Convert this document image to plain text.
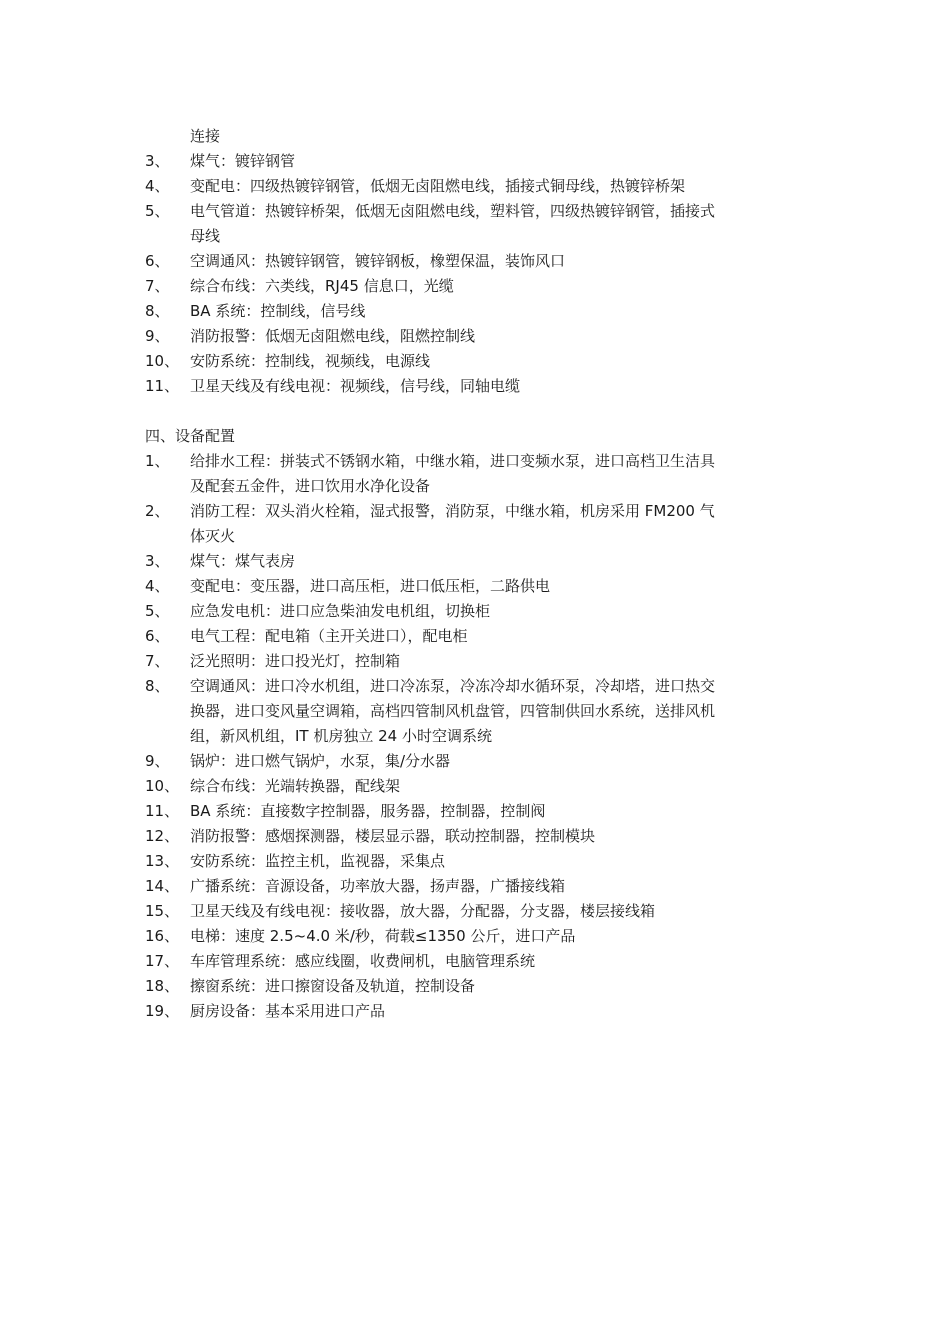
连接
3、	煤气：镀锌钢管
4、	变配电：四级热镀锌钢管，低烟无卤阻燃电线，插接式铜母线，热镀锌桥架
5、	电气管道：热镀锌桥架，低烟无卤阻燃电线，塑料管，四级热镀锌钢管，插接式
母线
6、	空调通风：热镀锌钢管，镀锌钢板，橡塑保温，装饰风口
7、	综合布线：六类线，RJ45 信息口，光缆
8、	BA 系统：控制线，信号线
9、	消防报警：低烟无卤阻燃电线，阻燃控制线
10、 安防系统：控制线，视频线，电源线
11、 卫星天线及有线电视：视频线，信号线，同轴电缆
四、设备配置
1、	给排水工程：拼装式不锈钢水箱，中继水箱，进口变频水泵，进口高档卫生洁具
及配套五金件，进口饮用水净化设备
2、	消防工程：双头消火栓箱，湿式报警，消防泵，中继水箱，机房采用 FM200 气
体灭火
3、	煤气：煤气表房
4、	变配电：变压器，进口高压柜，进口低压柜，二路供电
5、	应急发电机：进口应急柴油发电机组，切换柜
6、	电气工程：配电箱（主开关进口），配电柜
7、	泛光照明：进口投光灯，控制箱
8、	空调通风：进口冷水机组，进口冷冻泵，冷冻冷却水循环泵，冷却塔，进口热交
换器，进口变风量空调箱，高档四管制风机盘管，四管制供回水系统，送排风机
组，新风机组，IT 机房独立 24 小时空调系统
9、	锅炉：进口燃气锅炉，水泵，集/分水器
10、 综合布线：光端转换器，配线架
11、 BA 系统：直接数字控制器，服务器，控制器，控制阀
12、 消防报警：感烟探测器，楼层显示器，联动控制器，控制模块
13、 安防系统：监控主机，监视器，采集点
14、 广播系统：音源设备，功率放大器，扬声器，广播接线箱
15、 卫星天线及有线电视：接收器，放大器，分配器，分支器，楼层接线箱
16、 电梯：速度 2.5~4.0 米/秒，荷载≤1350 公斤，进口产品
17、 车库管理系统：感应线圈，收费闸机，电脑管理系统
18、 擦窗系统：进口擦窗设备及轨道，控制设备
19、 厨房设备：基本采用进口产品
